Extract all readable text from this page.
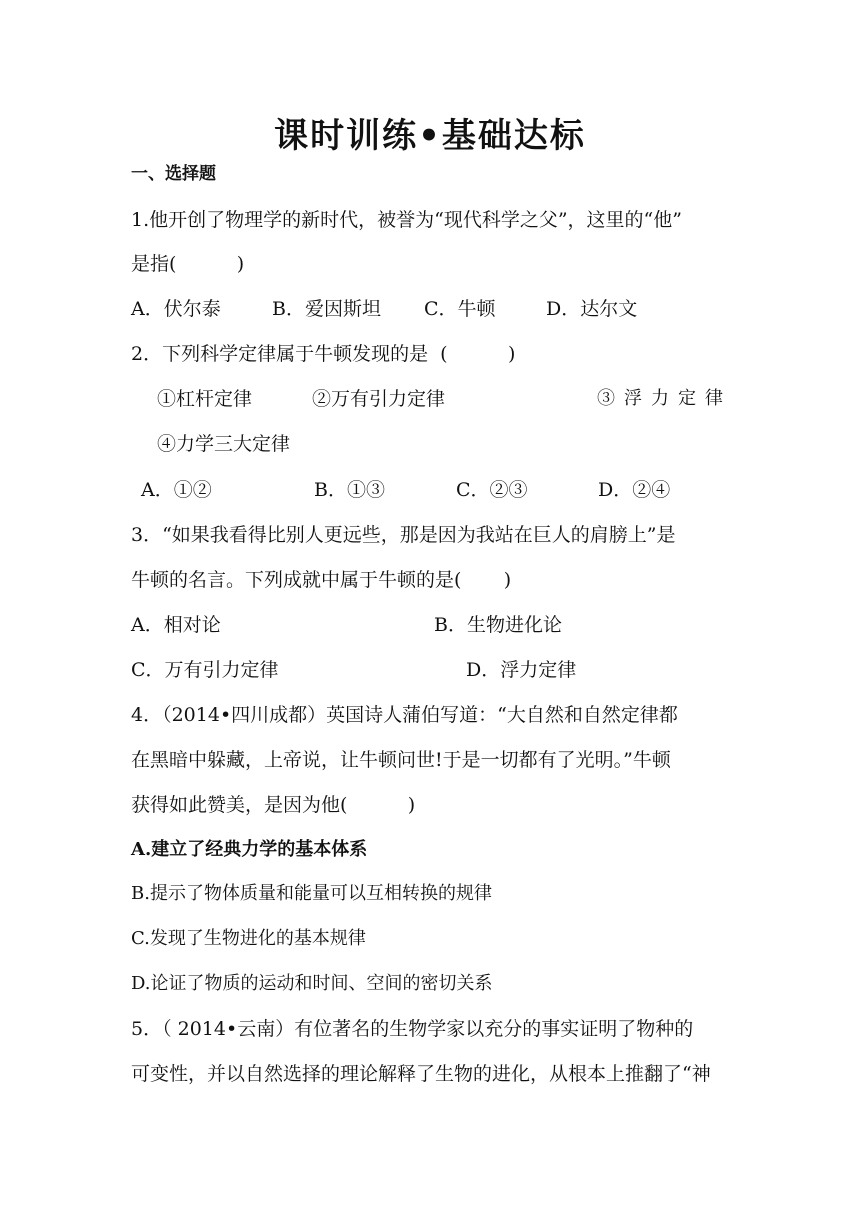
课时训练•基础达标
一、选择题
1.他开创了物理学的新时代，被誉为“现代科学之父”，这里的“他”
是指(          )
A．伏尔泰	B．爱因斯坦 C．牛顿	D．达尔文
2．下列科学定律属于牛顿发现的是  (          )
①杠杆定律	②万有引力定律	③浮力定律
④力学三大定律
A．①②	B．①③	C．②③	D．②④
3．“如果我看得比别人更远些，那是因为我站在巨人的肩膀上”是
牛顿的名言。下列成就中属于牛顿的是(       )
A．相对论	B．生物进化论
C．万有引力定律	D．浮力定律
4．（2014•四川成都）英国诗人蒲伯写道：“大自然和自然定律都
在黑暗中躲藏，上帝说，让牛顿问世!于是一切都有了光明。”牛顿
获得如此赞美，是因为他(          )
A.建立了经典力学的基本体系
B.提示了物体质量和能量可以互相转换的规律
C.发现了生物进化的基本规律
D.论证了物质的运动和时间、空间的密切关系
5．（ 2014•云南）有位著名的生物学家以充分的事实证明了物种的
可变性，并以自然选择的理论解释了生物的进化，从根本上推翻了“神
